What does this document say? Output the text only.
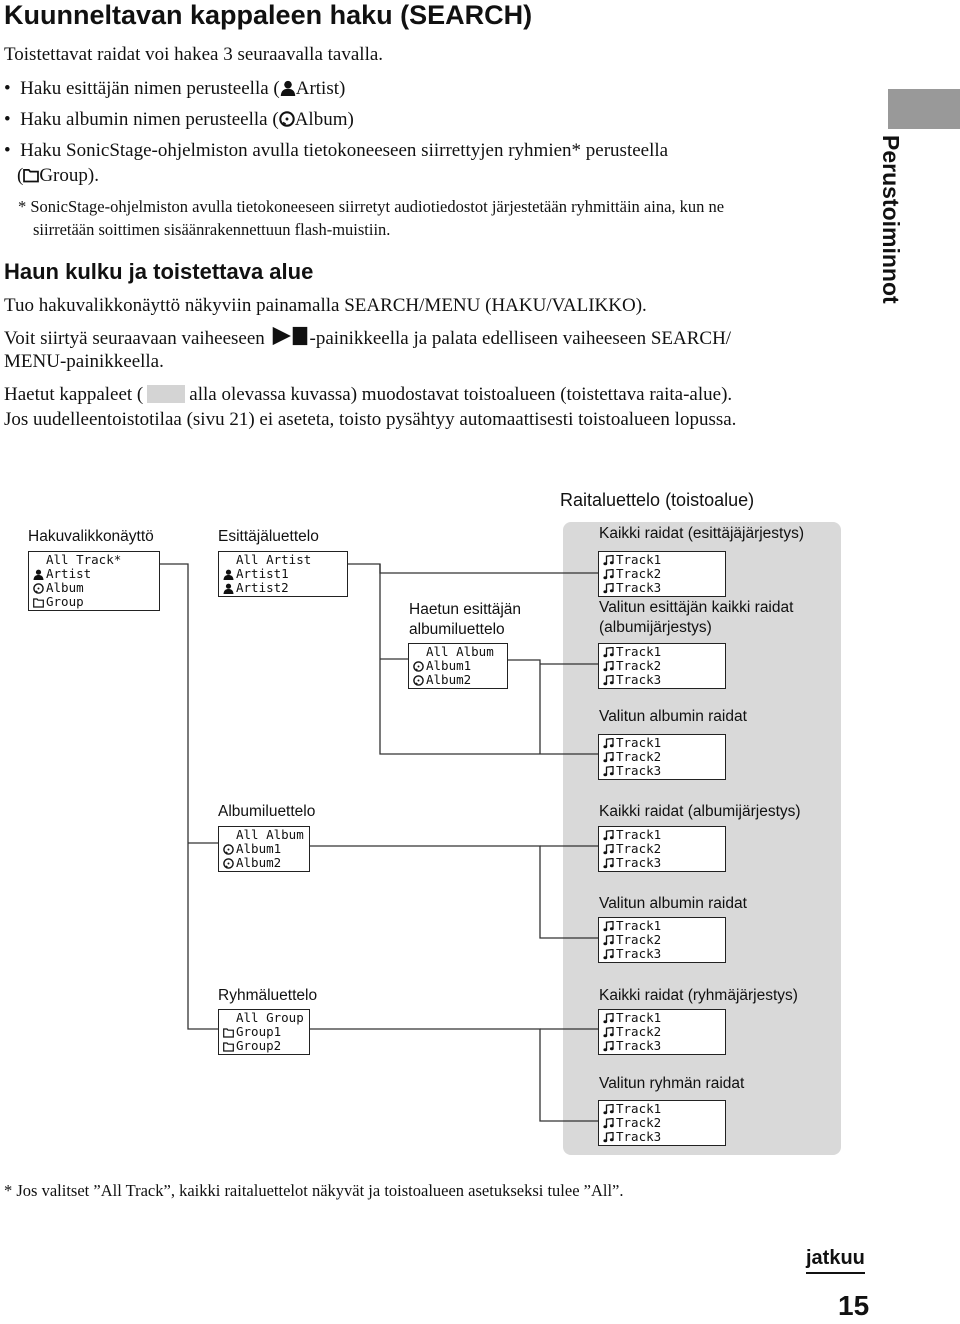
Kuunneltavan kappaleen haku (SEARCH)
Toistettavat raidat voi hakea 3 seuraavalla tavalla.
•  Haku esittäjän nimen perusteella ( Artist)
•  Haku albumin nimen perusteella ( Album)
•  Haku SonicStage-ohjelmiston avulla tietokoneeseen siirrettyjen ryhmien* perusteella
( Group).
* SonicStage-ohjelmiston avulla tietokoneeseen siirretyt audiotiedostot järjestetään ryhmittäin aina, kun ne
siirretään soittimen sisäänrakennettuun flash-muistiin.
Haun kulku ja toistettava alue
Tuo hakuvalikkonäyttö näkyviin painamalla SEARCH/MENU (HAKU/VALIKKO).
Voit siirtyä seuraavaan vaiheeseen -painikkeella ja palata edelliseen vaiheeseen SEARCH/
MENU-painikkeella.
Haetut kappaleet ( alla olevassa kuvassa) muodostavat toistoalueen (toistettava raita-alue).
Jos uudelleentoistotilaa (sivu 21) ei aseteta, toisto pysähtyy automaattisesti toistoalueen lopussa.
Perustoiminnot
Raitaluettelo (toistoalue)
Hakuvalikkonäyttö
All Track*
Artist
Album
Group
Esittäjäluettelo
All Artist
Artist1
Artist2
Haetun esittäjän
albumiluettelo
All Album
Album1
Album2
Albumiluettelo
All Album
Album1
Album2
Ryhmäluettelo
All Group
Group1
Group2
Kaikki raidat (esittäjäjärjestys)
Track1
Track2
Track3
Valitun esittäjän kaikki raidat
(albumijärjestys)
Track1
Track2
Track3
Valitun albumin raidat
Track1
Track2
Track3
Kaikki raidat (albumijärjestys)
Track1
Track2
Track3
Valitun albumin raidat
Track1
Track2
Track3
Kaikki raidat (ryhmäjärjestys)
Track1
Track2
Track3
Valitun ryhmän raidat
Track1
Track2
Track3
* Jos valitset ”All Track”, kaikki raitaluettelot näkyvät ja toistoalueen asetukseksi tulee ”All”.
jatkuu
15
